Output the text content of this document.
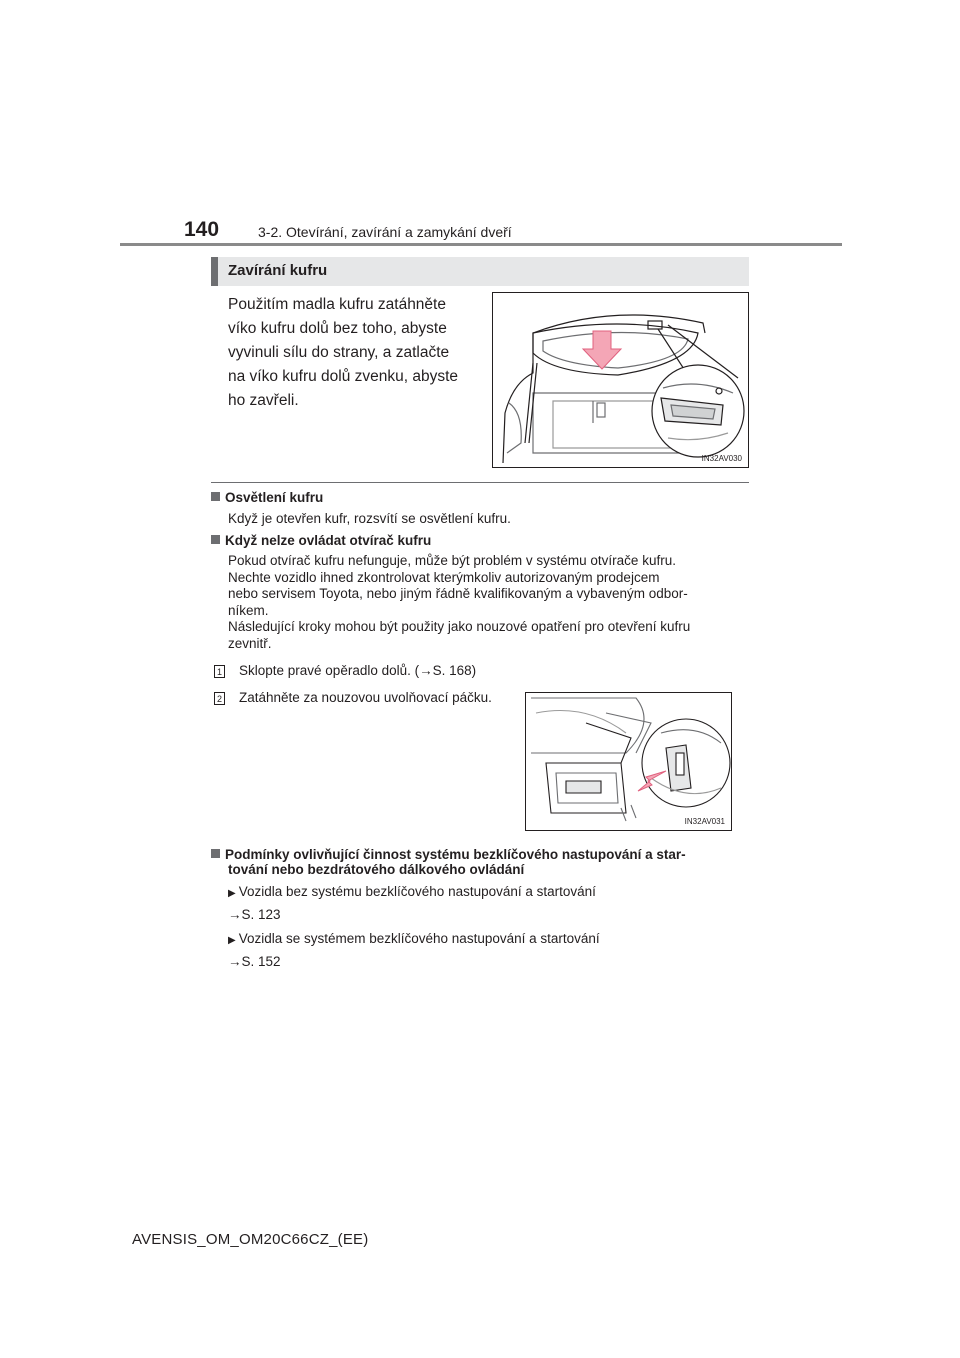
140	3-2. Otevírání, zavírání a zamykání dveří
Zavírání kufru
Použitím madla kufru zatáhněte
víko kufru dolů bez toho, abyste
vyvinuli sílu do strany, a zatlačte
na víko kufru dolů zvenku, abyste
ho zavřeli.
IN32AV030
Osvětlení kufru
Když je otevřen kufr, rozsvítí se osvětlení kufru.
Když nelze ovládat otvírač kufru
Pokud otvírač kufru nefunguje, může být problém v systému otvírače kufru.
Nechte vozidlo ihned zkontrolovat kterýmkoliv autorizovaným prodejcem
nebo servisem Toyota, nebo jiným řádně kvalifikovaným a vybaveným odbor-
níkem.
Následující kroky mohou být použity jako nouzové opatření pro otevření kufru
zevnitř.
1 Sklopte pravé opěradlo dolů. (→S. 168)
2 Zatáhněte za nouzovou uvolňovací páčku.
IN32AV031
Podmínky ovlivňující činnost systému bezklíčového nastupování a star-
tování nebo bezdrátového dálkového ovládání
▶ Vozidla bez systému bezklíčového nastupování a startování
→S. 123
▶ Vozidla se systémem bezklíčového nastupování a startování
→S. 152
AVENSIS_OM_OM20C66CZ_(EE)
